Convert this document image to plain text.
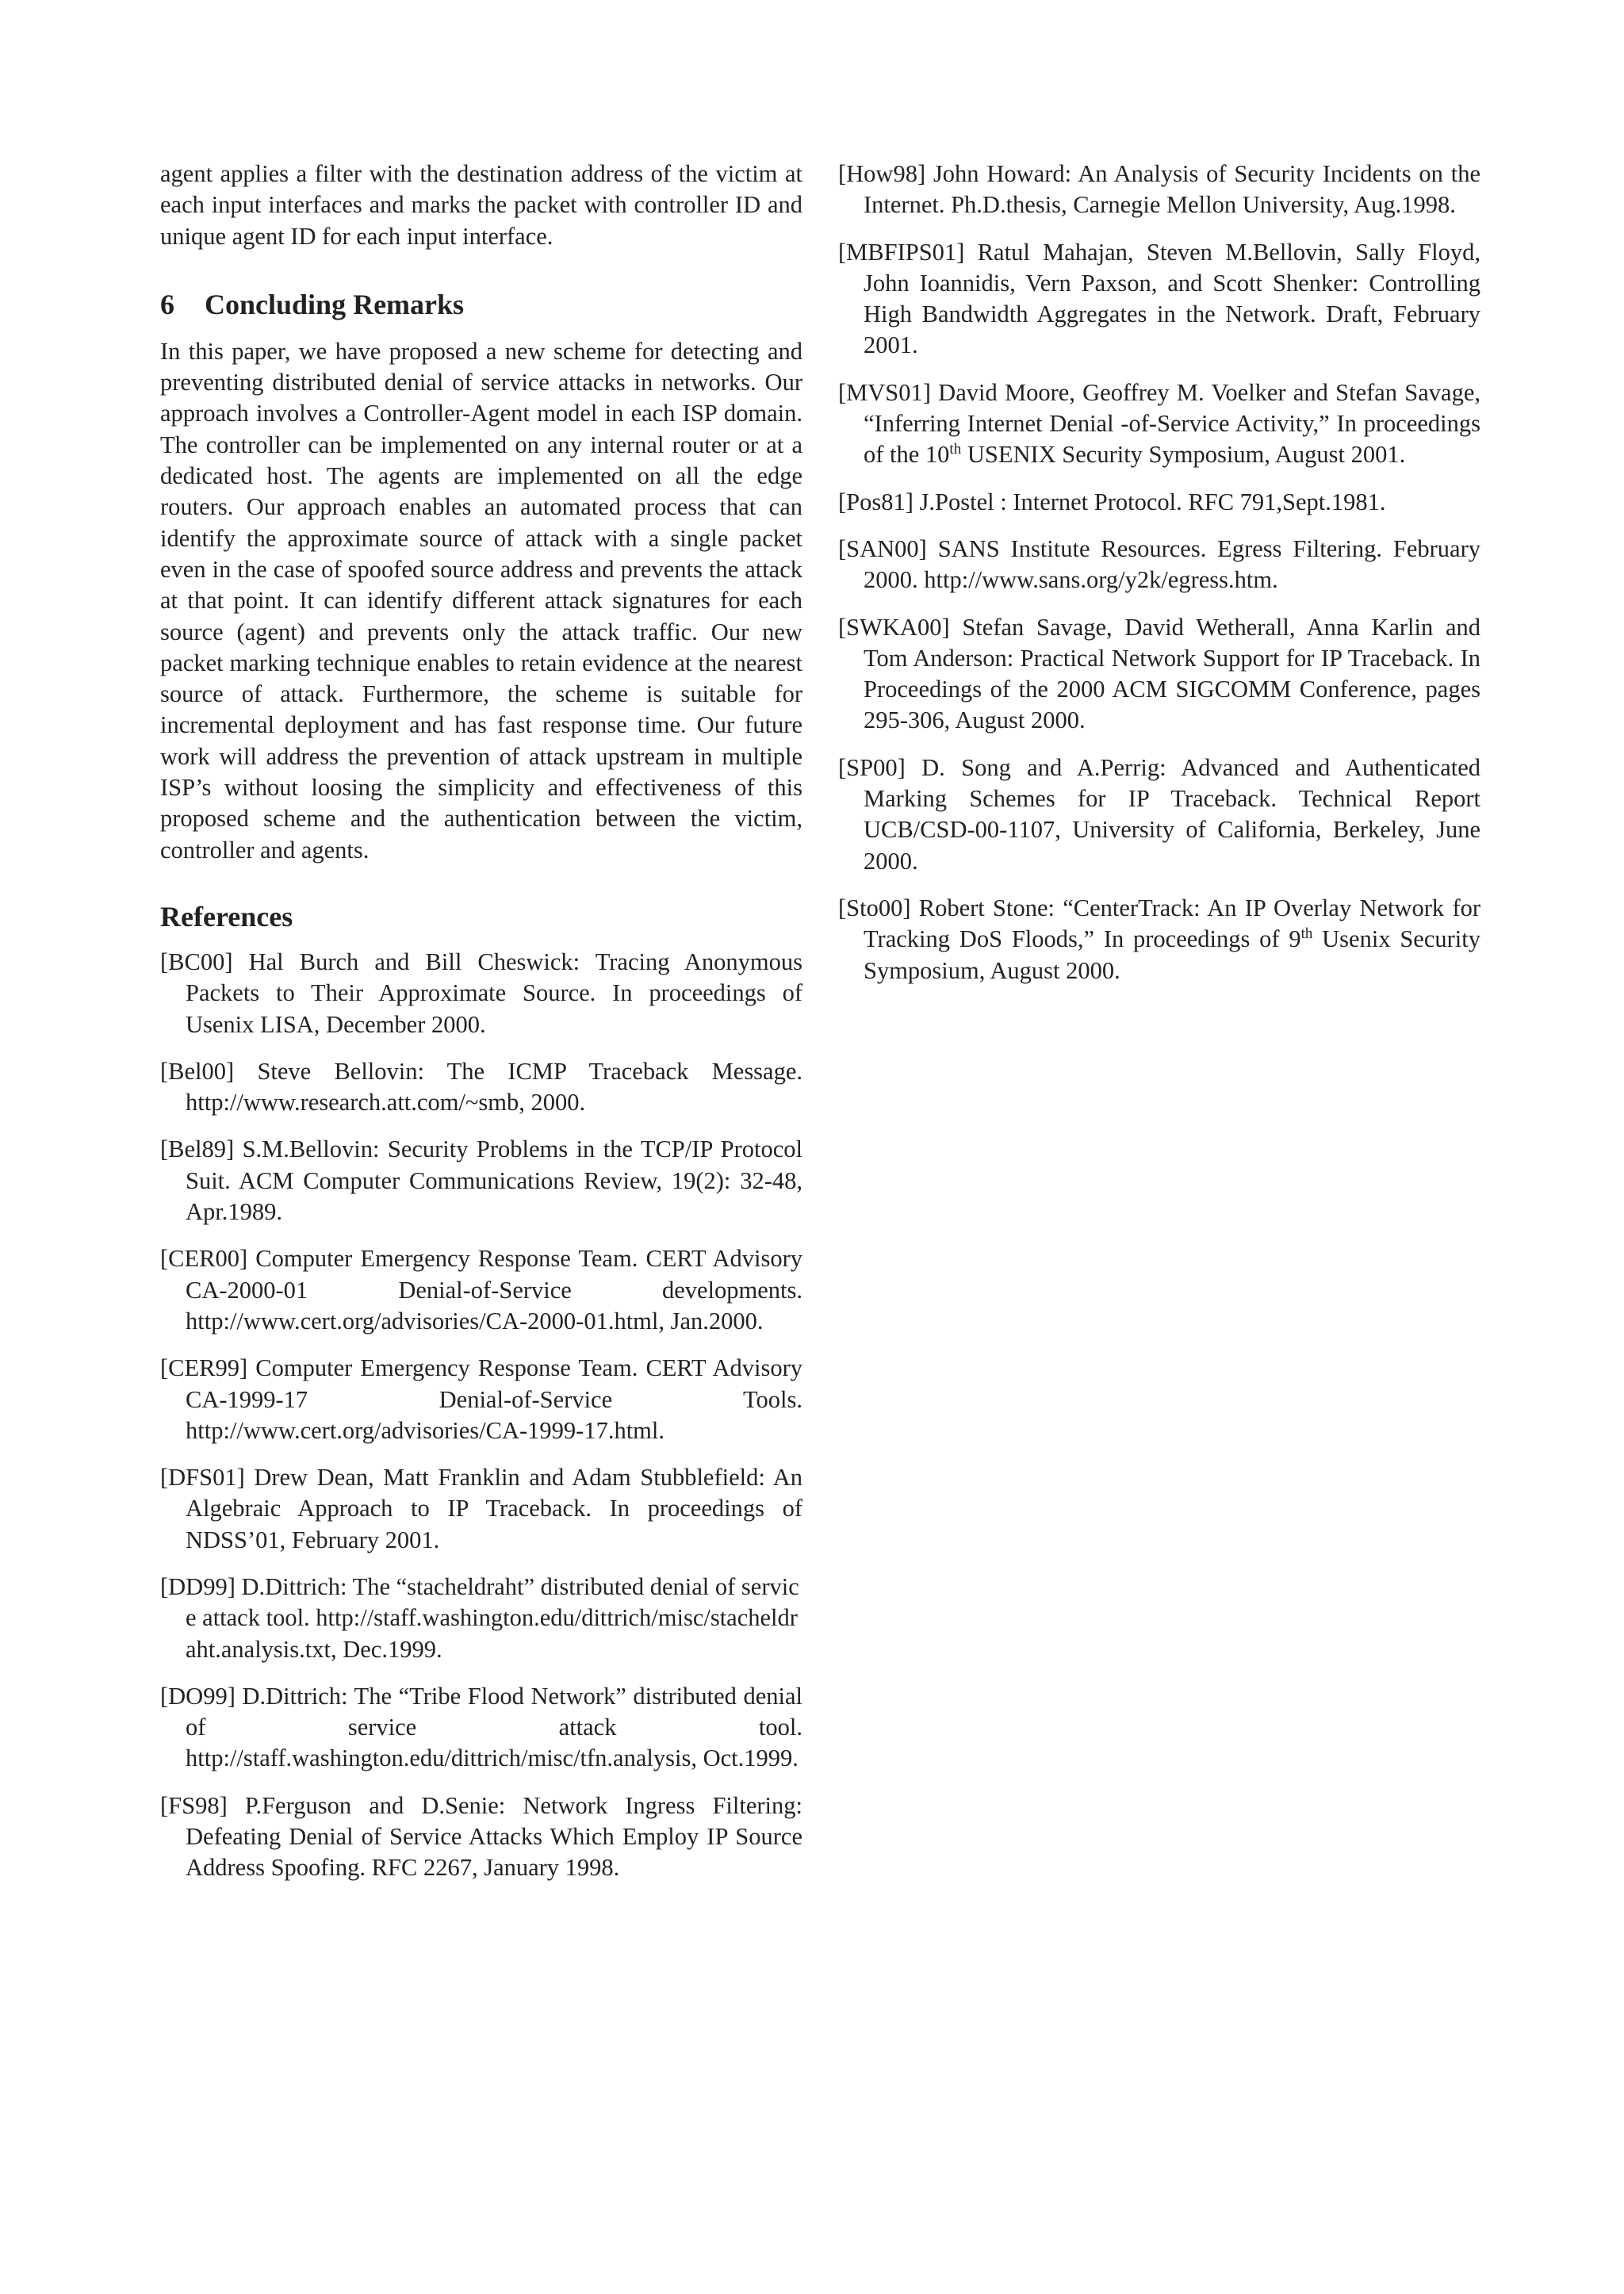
agent applies a filter with the destination address of the victim at each input interfaces and marks the packet with controller ID and unique agent ID for each input interface.

6 Concluding Remarks

In this paper, we have proposed a new scheme for detecting and preventing distributed denial of service attacks in networks. Our approach involves a Controller-Agent model in each ISP domain. The controller can be implemented on any internal router or at a dedicated host. The agents are implemented on all the edge routers. Our approach enables an automated process that can identify the approximate source of attack with a single packet even in the case of spoofed source address and prevents the attack at that point. It can identify different attack signatures for each source (agent) and prevents only the attack traffic. Our new packet marking technique enables to retain evidence at the nearest source of attack. Furthermore, the scheme is suitable for incremental deployment and has fast response time. Our future work will address the prevention of attack upstream in multiple ISP’s without loosing the simplicity and effectiveness of this proposed scheme and the authentication between the victim, controller and agents.

References
[BC00] Hal Burch and Bill Cheswick: Tracing Anonymous Packets to Their Approximate Source. In proceedings of Usenix LISA, December 2000.
[Bel00] Steve Bellovin: The ICMP Traceback Message. http://www.research.att.com/~smb, 2000.
[Bel89] S.M.Bellovin: Security Problems in the TCP/IP Protocol Suit. ACM Computer Communications Review, 19(2): 32-48, Apr.1989.
[CER00] Computer Emergency Response Team. CERT Advisory CA-2000-01 Denial-of-Service developments. http://www.cert.org/advisories/CA-2000-01.html, Jan.2000.
[CER99] Computer Emergency Response Team. CERT Advisory CA-1999-17 Denial-of-Service Tools. http://www.cert.org/advisories/CA-1999-17.html.
[DFS01] Drew Dean, Matt Franklin and Adam Stubblefield: An Algebraic Approach to IP Traceback. In proceedings of NDSS’01, February 2001.
[DD99] D.Dittrich: The “stacheldraht” distributed denial of service attack tool. http://staff.washington.edu/dittrich/misc/stacheldraht.analysis.txt, Dec.1999.
[DO99] D.Dittrich: The “Tribe Flood Network” distributed denial of service attack tool. http://staff.washington.edu/dittrich/misc/tfn.analysis, Oct.1999.
[FS98] P.Ferguson and D.Senie: Network Ingress Filtering: Defeating Denial of Service Attacks Which Employ IP Source Address Spoofing. RFC 2267, January 1998.
[How98] John Howard: An Analysis of Security Incidents on the Internet. Ph.D.thesis, Carnegie Mellon University, Aug.1998.
[MBFIPS01] Ratul Mahajan, Steven M.Bellovin, Sally Floyd, John Ioannidis, Vern Paxson, and Scott Shenker: Controlling High Bandwidth Aggregates in the Network. Draft, February 2001.
[MVS01] David Moore, Geoffrey M. Voelker and Stefan Savage, “Inferring Internet Denial -of-Service Activity,” In proceedings of the 10th USENIX Security Symposium, August 2001.
[Pos81] J.Postel : Internet Protocol. RFC 791,Sept.1981.
[SAN00] SANS Institute Resources. Egress Filtering. February 2000. http://www.sans.org/y2k/egress.htm.
[SWKA00] Stefan Savage, David Wetherall, Anna Karlin and Tom Anderson: Practical Network Support for IP Traceback. In Proceedings of the 2000 ACM SIGCOMM Conference, pages 295-306, August 2000.
[SP00] D. Song and A.Perrig: Advanced and Authenticated Marking Schemes for IP Traceback. Technical Report UCB/CSD-00-1107, University of California, Berkeley, June 2000.
[Sto00] Robert Stone: “CenterTrack: An IP Overlay Network for Tracking DoS Floods,” In proceedings of 9th Usenix Security Symposium, August 2000.
